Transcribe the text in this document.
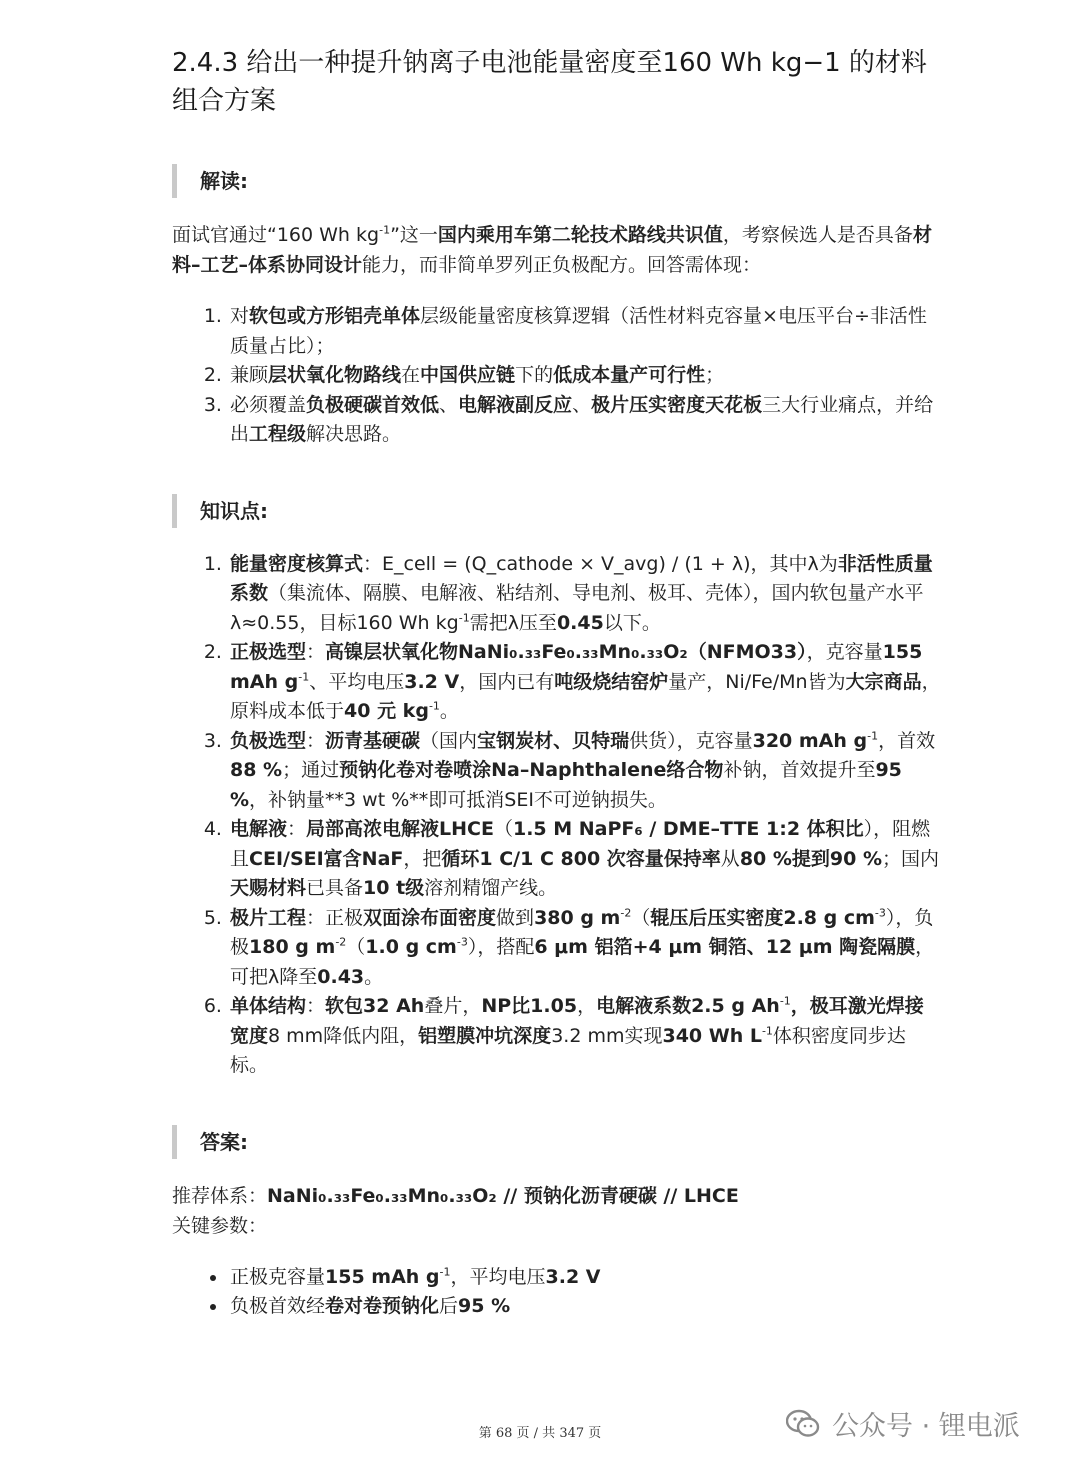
2.4.3 给出一种提升钠离子电池能量密度至160 Wh kg−1 的材料组合方案
解读:

面试官通过“160 Wh $kg^{-1}$”这一国内乘用车第二轮技术路线共识值，考察候选人是否具备材料–工艺–体系协同设计能力，而非简单罗列正负极配方。回答需体现：

1. 对软包或方形铝壳单体层级能量密度核算逻辑（活性材料克容量×电压平台÷非活性质量占比）；
2. 兼顾层状氧化物路线在中国供应链下的低成本量产可行性；
3. 必须覆盖负极硬碳首效低、电解液副反应、极片压实密度天花板三大行业痛点，并给出工程级解决思路。
知识点:
1. 能量密度核算式：E_cell = (Q_cathode × V_avg) / (1 + λ)，其中λ为非活性质量系数（集流体、隔膜、电解液、粘结剂、导电剂、极耳、壳体），国内软包量产水平λ≈0.55，目标160 Wh $kg^{-1}$需把λ压至0.45以下。
2. 正极选型：高镍层状氧化物NaNi₀.₃₃Fe₀.₃₃Mn₀.₃₃O₂（NFMO33），克容量155 mAh $g^{-1}$、平均电压3.2 V，国内已有吨级烧结窑炉量产，Ni/Fe/Mn皆为大宗商品，原料成本低于40 元 $kg^{-1}$。
3. 负极选型：沥青基硬碳（国内宝钢炭材、贝特瑞供货），克容量320 mAh $g^{-1}$，首效88 %；通过预钠化卷对卷喷涂Na–Naphthalene络合物补钠，首效提升至95 %，补钠量**3 wt %**即可抵消SEI不可逆钠损失。
4. 电解液：局部高浓电解液LHCE（1.5 M NaPF₆ / DME–TTE 1:2 体积比），阻燃且CEI/SEI富含NaF，把循环1 C/1 C 800 次容量保持率从80 %提到90 %；国内天赐材料已具备10 t级溶剂精馏产线。
5. 极片工程：正极双面涂布面密度做到380 g $m^{-2}$（辊压后压实密度2.8 g $cm^{-3}$），负极180 g $m^{-2}(1.0$ g $cm^{-3}$），搭配6 μm 铝箔+4 μm 铜箔、12 μm 陶瓷隔膜，可把λ降至0.43。
6. 单体结构：软包32 Ah叠片，NP比1.05，电解液系数2.5 g $Ah^{-1}$，极耳激光焊接宽度8 mm降低内阻，铝塑膜冲坑深度3.2 mm实现340 Wh $L^{-1}$体积密度同步达标。
答案:

推荐体系：NaNi₀.₃₃Fe₀.₃₃Mn₀.₃₃O₂ // 预钠化沥青硬碳 // LHCE
关键参数：

• 正极克容量155 mAh $g^{-1}$，平均电压3.2 V
• 负极首效经卷对卷预钠化后95 %
第 68 页 / 共 347 页	公众号 · 锂电派
